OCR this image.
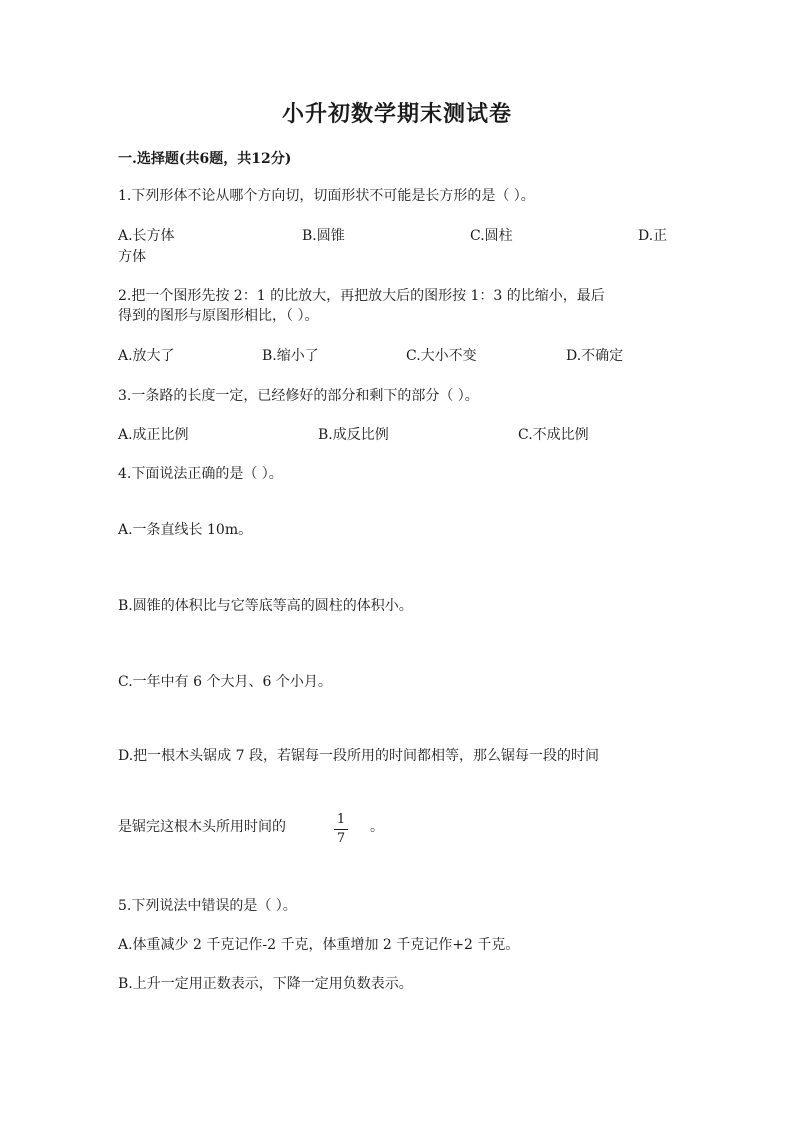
小升初数学期末测试卷
一.选择题(共6题，共12分)
1.下列形体不论从哪个方向切，切面形状不可能是长方形的是（ ）。
A.长方体	B.圆锥	C.圆柱	D.正
方体
2.把一个图形先按 2：1 的比放大，再把放大后的图形按 1：3 的比缩小，最后
得到的图形与原图形相比，（ ）。
A.放大了	B.缩小了	C.大小不变	D.不确定
3.一条路的长度一定，已经修好的部分和剩下的部分（ ）。
A.成正比例	B.成反比例	C.不成比例
4.下面说法正确的是（ ）。
A.一条直线长 10m。
B.圆锥的体积比与它等底等高的圆柱的体积小。
C.一年中有 6 个大月、6 个小月。
D.把一根木头锯成 7 段，若锯每一段所用的时间都相等，那么锯每一段的时间
是锯完这根木头所用时间的	$\frac{1}{7}$ 。
5.下列说法中错误的是（ ）。
A.体重减少 2 千克记作-2 千克，体重增加 2 千克记作+2 千克。
B.上升一定用正数表示，下降一定用负数表示。
